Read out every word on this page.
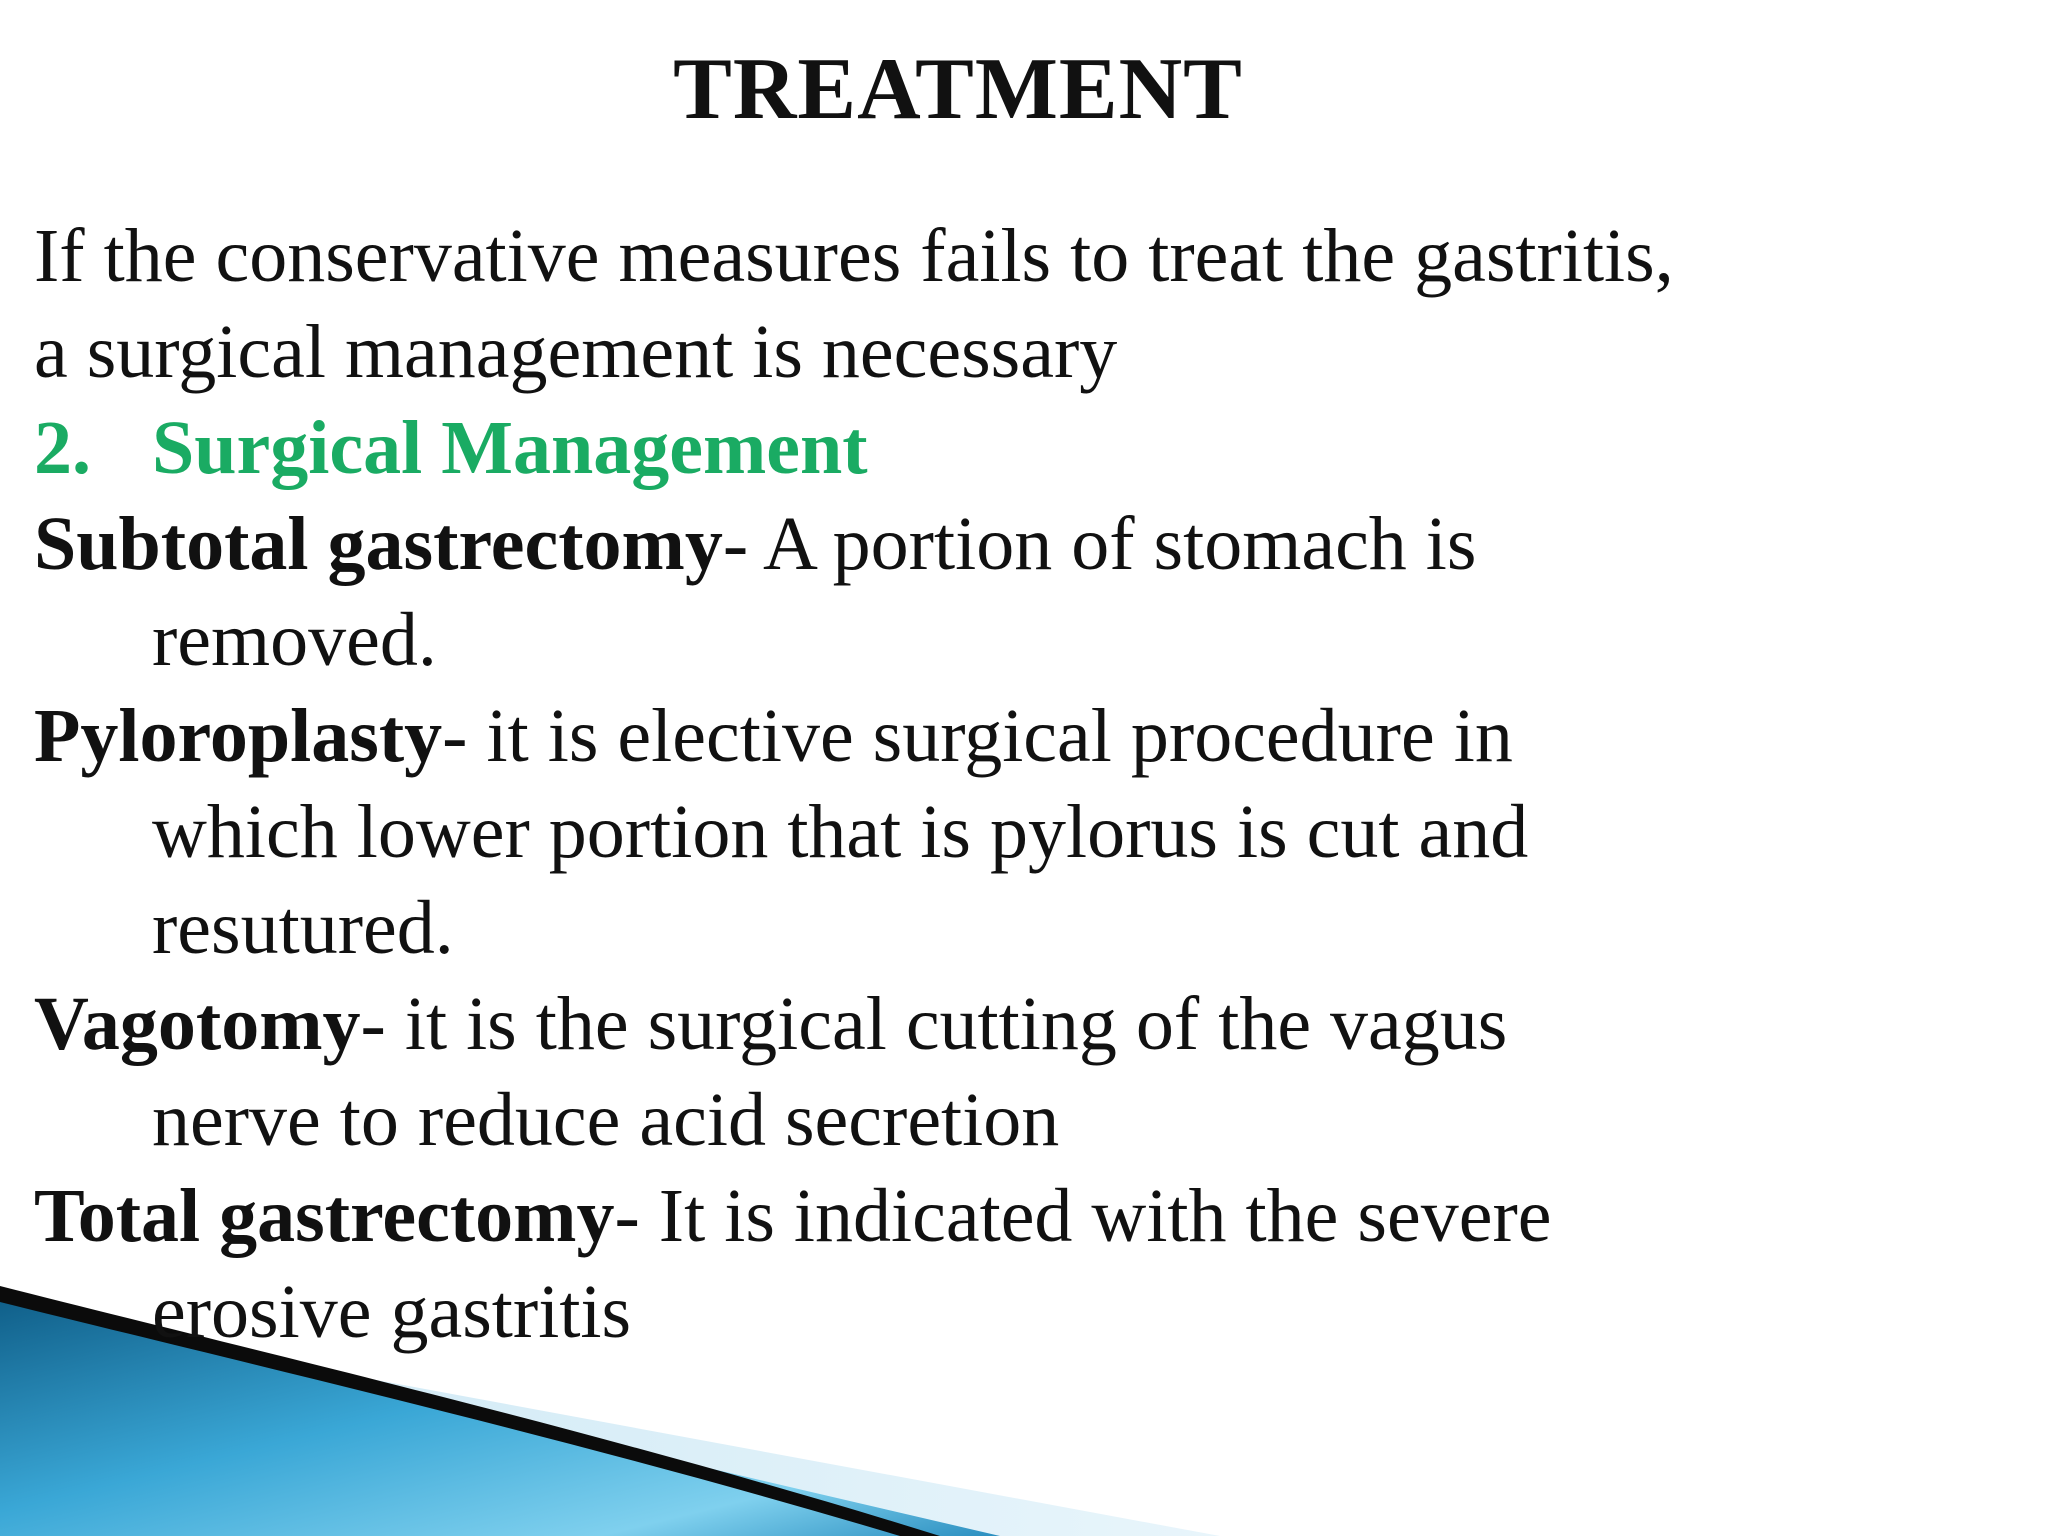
TREATMENT
If the conservative measures fails to treat the gastritis,
a surgical management is necessary
2. Surgical Management
Subtotal gastrectomy- A portion of stomach is
removed.
Pyloroplasty- it is elective surgical procedure in
which lower portion that is pylorus is cut and
resutured.
Vagotomy- it is the surgical cutting of the vagus
nerve to reduce acid secretion
Total gastrectomy- It is indicated with the severe
erosive gastritis
